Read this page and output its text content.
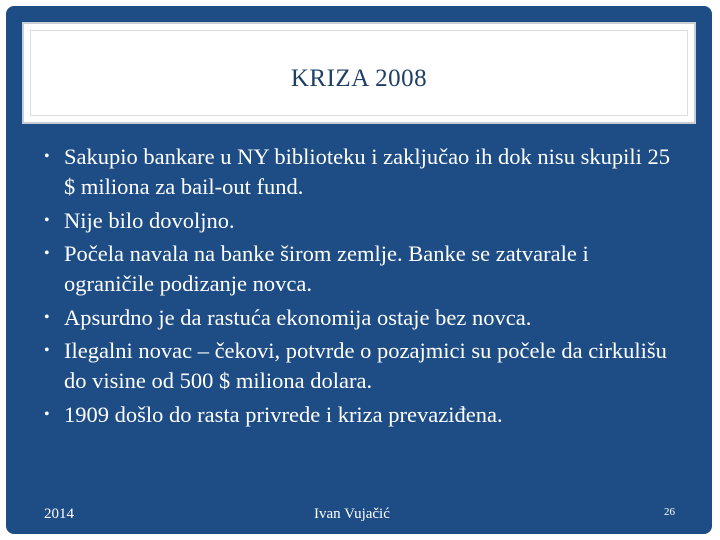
KRIZA 2008
• Sakupio bankare u NY biblioteku i zaključao ih dok nisu skupili 25 $ miliona za bail-out fund.
• Nije bilo dovoljno.
• Počela navala na banke širom zemlje. Banke se zatvarale i ograničile podizanje novca.
• Apsurdno je da rastuća ekonomija ostaje bez novca.
• Ilegalni novac – čekovi, potvrde o pozajmici su počele da cirkulišu do visine od 500 $ miliona dolara.
• 1909 došlo do rasta privrede i kriza prevaziđena.
2014	Ivan Vujačić	26
